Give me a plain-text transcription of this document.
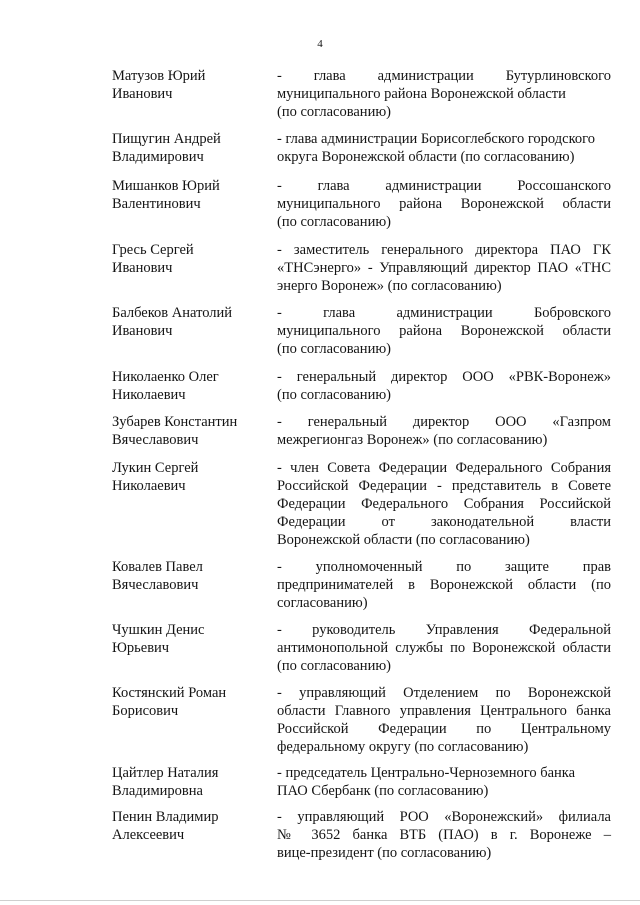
4
Матузов Юрий
Иванович
- глава администрации Бутурлиновского
муниципального района Воронежской области
(по согласованию)
Пищугин Андрей
Владимирович
- глава администрации Борисоглебского городского
округа Воронежской области (по согласованию)
Мишанков Юрий
Валентинович
- глава администрации Россошанского
муниципального района Воронежской области
(по согласованию)
Гресь Сергей
Иванович
- заместитель генерального директора ПАО ГК
«ТНСэнерго» - Управляющий директор ПАО «ТНС
энерго Воронеж» (по согласованию)
Балбеков Анатолий
Иванович
- глава администрации Бобровского
муниципального района Воронежской области
(по согласованию)
Николаенко Олег
Николаевич
- генеральный директор ООО «РВК-Воронеж»
(по согласованию)
Зубарев Константин
Вячеславович
- генеральный директор ООО «Газпром
межрегионгаз Воронеж» (по согласованию)
Лукин Сергей
Николаевич
- член Совета Федерации Федерального Собрания
Российской Федерации - представитель в Совете
Федерации Федерального Собрания Российской
Федерации от законодательной власти
Воронежской области (по согласованию)
Ковалев Павел
Вячеславович
- уполномоченный по защите прав
предпринимателей в Воронежской области (по
согласованию)
Чушкин Денис
Юрьевич
- руководитель Управления Федеральной
антимонопольной службы по Воронежской области
(по согласованию)
Костянский Роман
Борисович
- управляющий Отделением по Воронежской
области Главного управления Центрального банка
Российской Федерации по Центральному
федеральному округу (по согласованию)
Цайтлер Наталия
Владимировна
- председатель Центрально-Черноземного банка
ПАО Сбербанк (по согласованию)
Пенин Владимир
Алексеевич
- управляющий РОО «Воронежский» филиала
№ 3652 банка ВТБ (ПАО) в г. Воронеже –
вице-президент (по согласованию)
